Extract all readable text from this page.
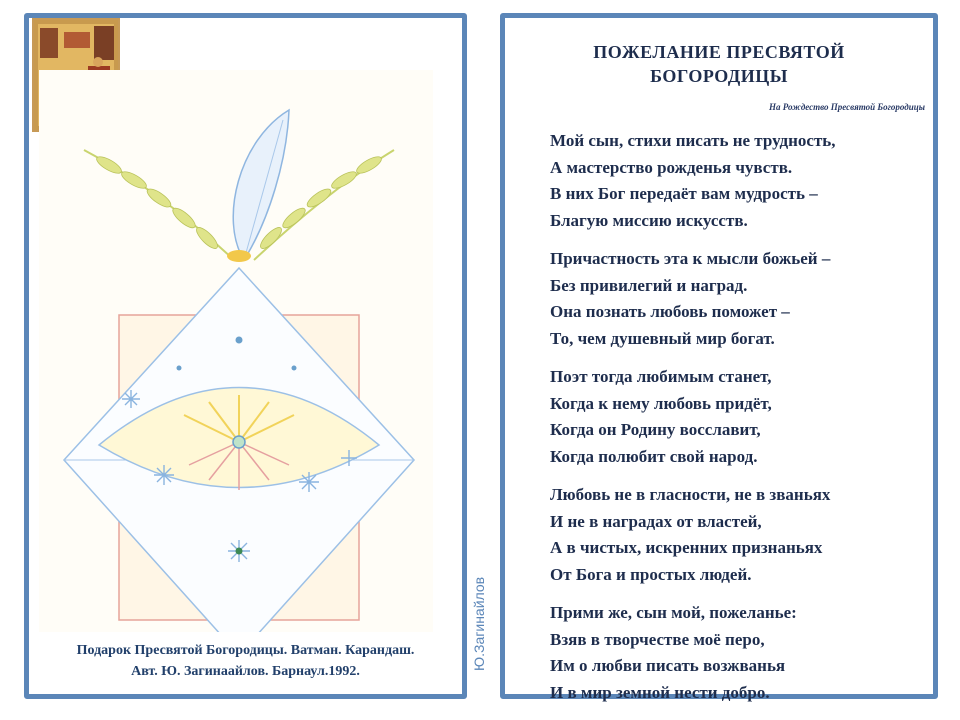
Подарок Пресвятой Богородицы. Ватман. Карандаш.
Авт. Ю. Загинаайлов. Барнаул.1992.
Ю.Загинайлов
ПОЖЕЛАНИЕ ПРЕСВЯТОЙ
БОГОРОДИЦЫ
На Рождество Пресвятой Богородицы
Мой сын, стихи писать не трудность,
А мастерство рожденья чувств.
В них Бог передаёт вам мудрость –
Благую миссию искусств.
Причастность эта к мысли божьей –
Без привилегий и наград.
Она познать любовь поможет –
То, чем душевный мир богат.
Поэт тогда любимым станет,
Когда к нему любовь придёт,
Когда он Родину восславит,
Когда полюбит свой народ.
Любовь не в гласности, не в званьях
И не в наградах от властей,
А в чистых, искренних признаньях
От Бога и простых людей.
Прими же, сын мой, пожеланье:
Взяв в творчестве моё перо,
Им о любви писать возжванья
И в мир земной нести добро.
